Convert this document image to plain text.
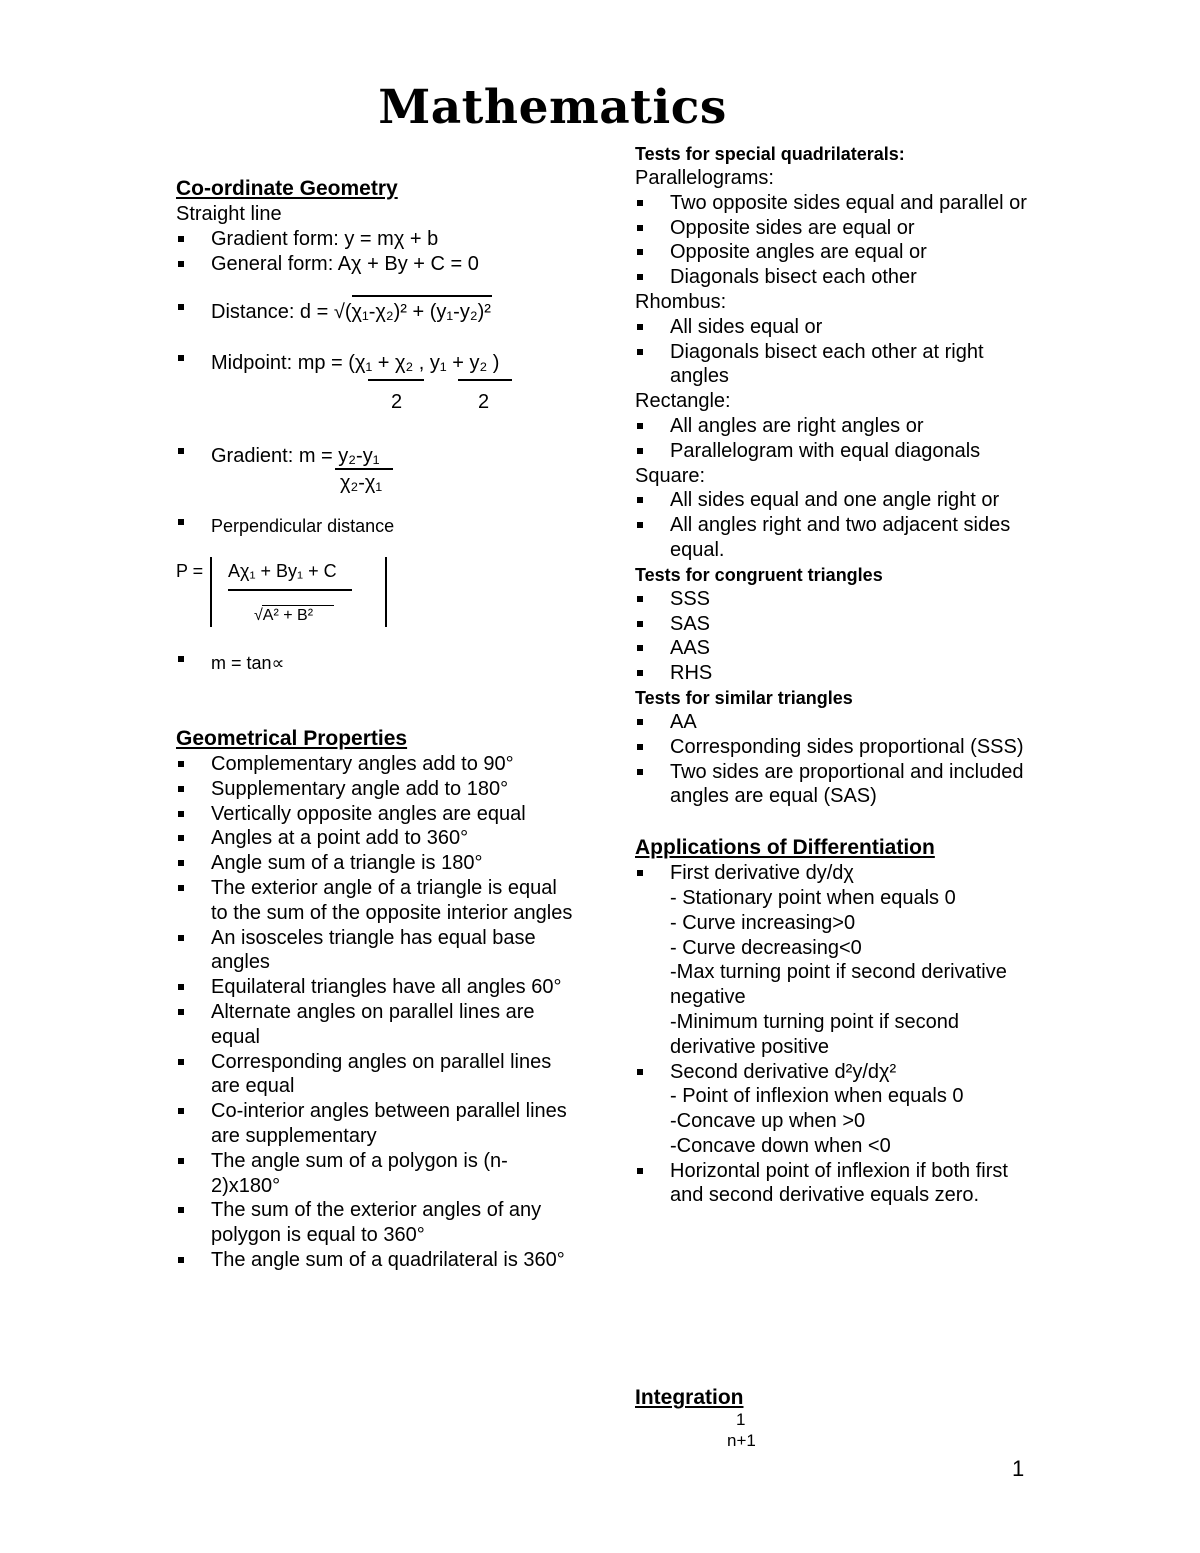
Mathematics
Co-ordinate Geometry
Straight line
Gradient form: y = mχ + b
General form: Aχ + By + C = 0
Distance: d = √(χ₁-χ₂)² + (y₁-y₂)²
Midpoint: mp = (χ₁ + χ₂ , y₁ + y₂ )
2	2
Gradient: m = y₂-y₁
χ₂-χ₁
Perpendicular distance
P = Aχ₁ + By₁ + C
√A² + B²
m = tan∝
Geometrical Properties
Complementary angles add to 90°
Supplementary angle add to 180°
Vertically opposite angles are equal
Angles at a point add to 360°
Angle sum of a triangle is 180°
The exterior angle of a triangle is equal to the sum of the opposite interior angles
An isosceles triangle has equal base angles
Equilateral triangles have all angles 60°
Alternate angles on parallel lines are equal
Corresponding angles on parallel lines are equal
Co-interior angles between parallel lines are supplementary
The angle sum of a polygon is (n-2)x180°
The sum of the exterior angles of any polygon is equal to 360°
The angle sum of a quadrilateral is 360°
Tests for special quadrilaterals:
Parallelograms:
Two opposite sides equal and parallel or
Opposite sides are equal or
Opposite angles are equal or
Diagonals bisect each other
Rhombus:
All sides equal or
Diagonals bisect each other at right angles
Rectangle:
All angles are right angles or
Parallelogram with equal diagonals
Square:
All sides equal and one angle right or
All angles right and two adjacent sides equal.
Tests for congruent triangles
SSS
SAS
AAS
RHS
Tests for similar triangles
AA
Corresponding sides proportional (SSS)
Two sides are proportional and included angles are equal (SAS)
Applications of Differentiation
First derivative dy/dχ
- Stationary point when equals 0
- Curve increasing>0
- Curve decreasing<0
-Max turning point if second derivative negative
-Minimum turning point if second derivative positive
Second derivative d²y/dχ²
- Point of inflexion when equals 0
-Concave up when >0
-Concave down when <0
Horizontal point of inflexion if both first and second derivative equals zero.
Integration
1
n+1
1
